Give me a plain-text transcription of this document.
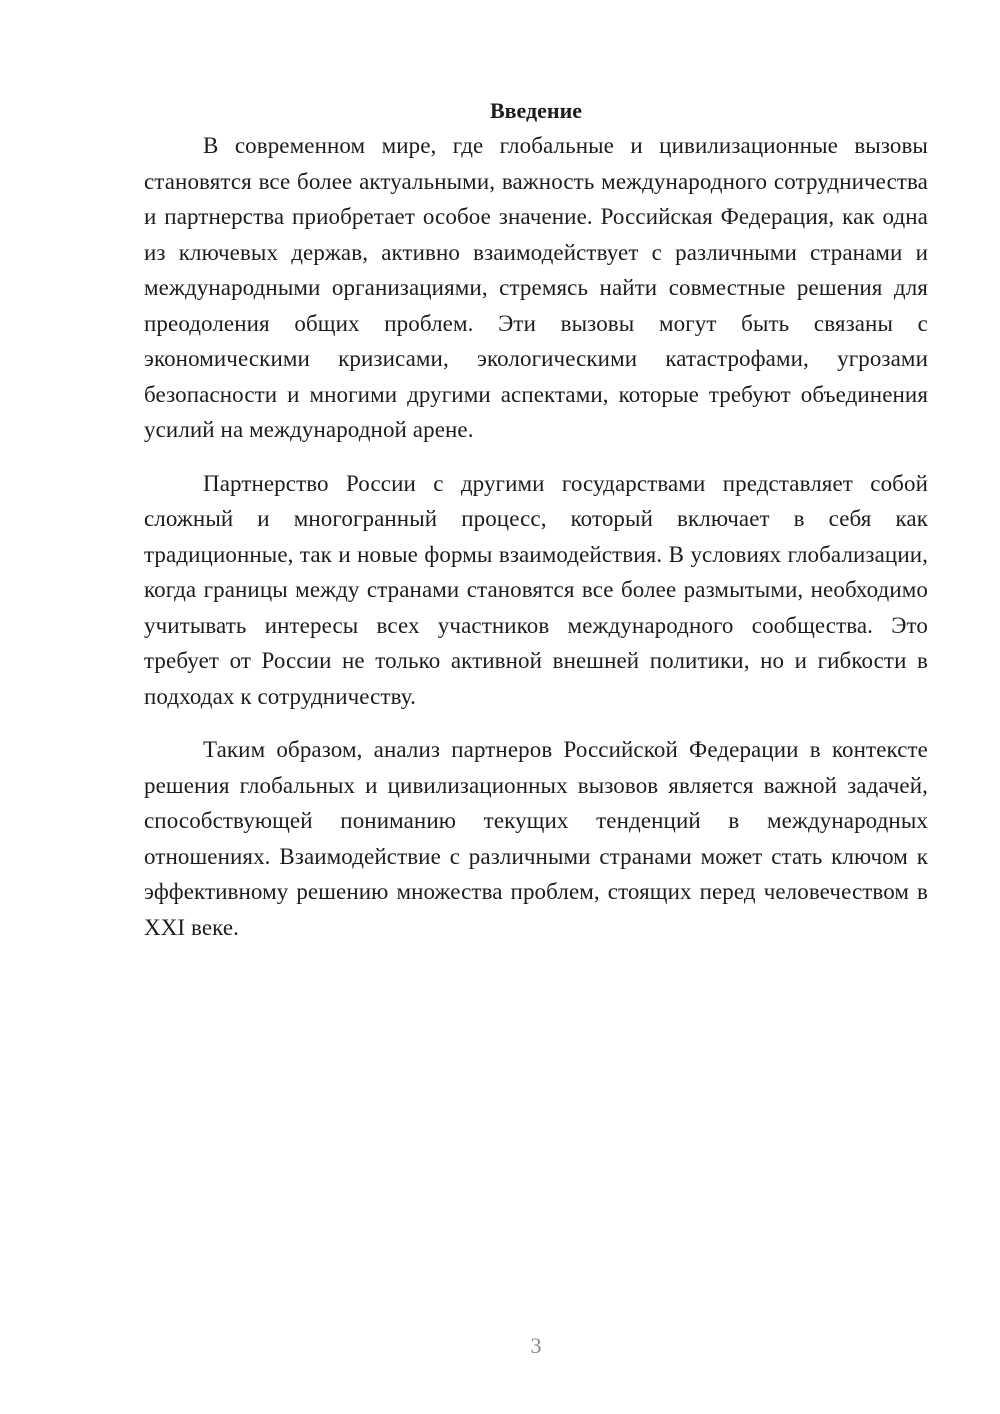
Введение

В современном мире, где глобальные и цивилизационные вызовы становятся все более актуальными, важность международного сотрудничества и партнерства приобретает особое значение. Российская Федерация, как одна из ключевых держав, активно взаимодействует с различными странами и международными организациями, стремясь найти совместные решения для преодоления общих проблем. Эти вызовы могут быть связаны с экономическими кризисами, экологическими катастрофами, угрозами безопасности и многими другими аспектами, которые требуют объединения усилий на международной арене.

Партнерство России с другими государствами представляет собой сложный и многогранный процесс, который включает в себя как традиционные, так и новые формы взаимодействия. В условиях глобализации, когда границы между странами становятся все более размытыми, необходимо учитывать интересы всех участников международного сообщества. Это требует от России не только активной внешней политики, но и гибкости в подходах к сотрудничеству.

Таким образом, анализ партнеров Российской Федерации в контексте решения глобальных и цивилизационных вызовов является важной задачей, способствующей пониманию текущих тенденций в международных отношениях. Взаимодействие с различными странами может стать ключом к эффективному решению множества проблем, стоящих перед человечеством в XXI веке.

3
